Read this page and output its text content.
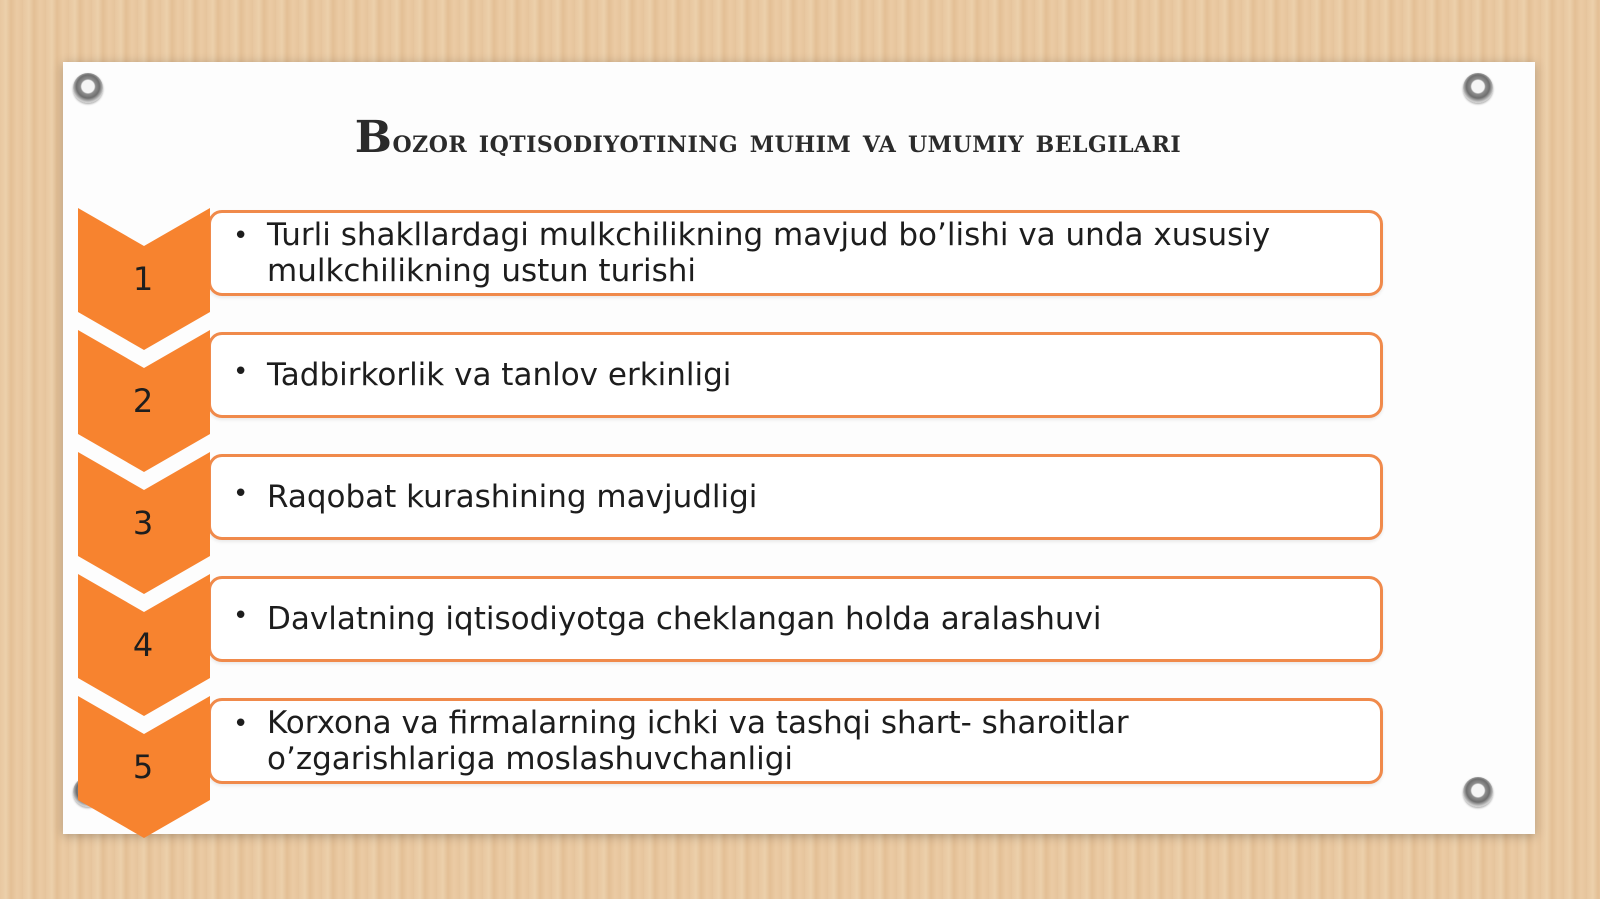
Bozor iqtisodiyotining muhim va umumiy belgilari
• Turli shakllardagi mulkchilikning mavjud bo’lishi va unda xususiy mulkchilikning ustun turishi
1
• Tadbirkorlik va tanlov erkinligi
2
• Raqobat kurashining mavjudligi
3
• Davlatning iqtisodiyotga cheklangan holda aralashuvi
4
• Korxona va firmalarning ichki va tashqi shart- sharoitlar o’zgarishlariga moslashuvchanligi
5
